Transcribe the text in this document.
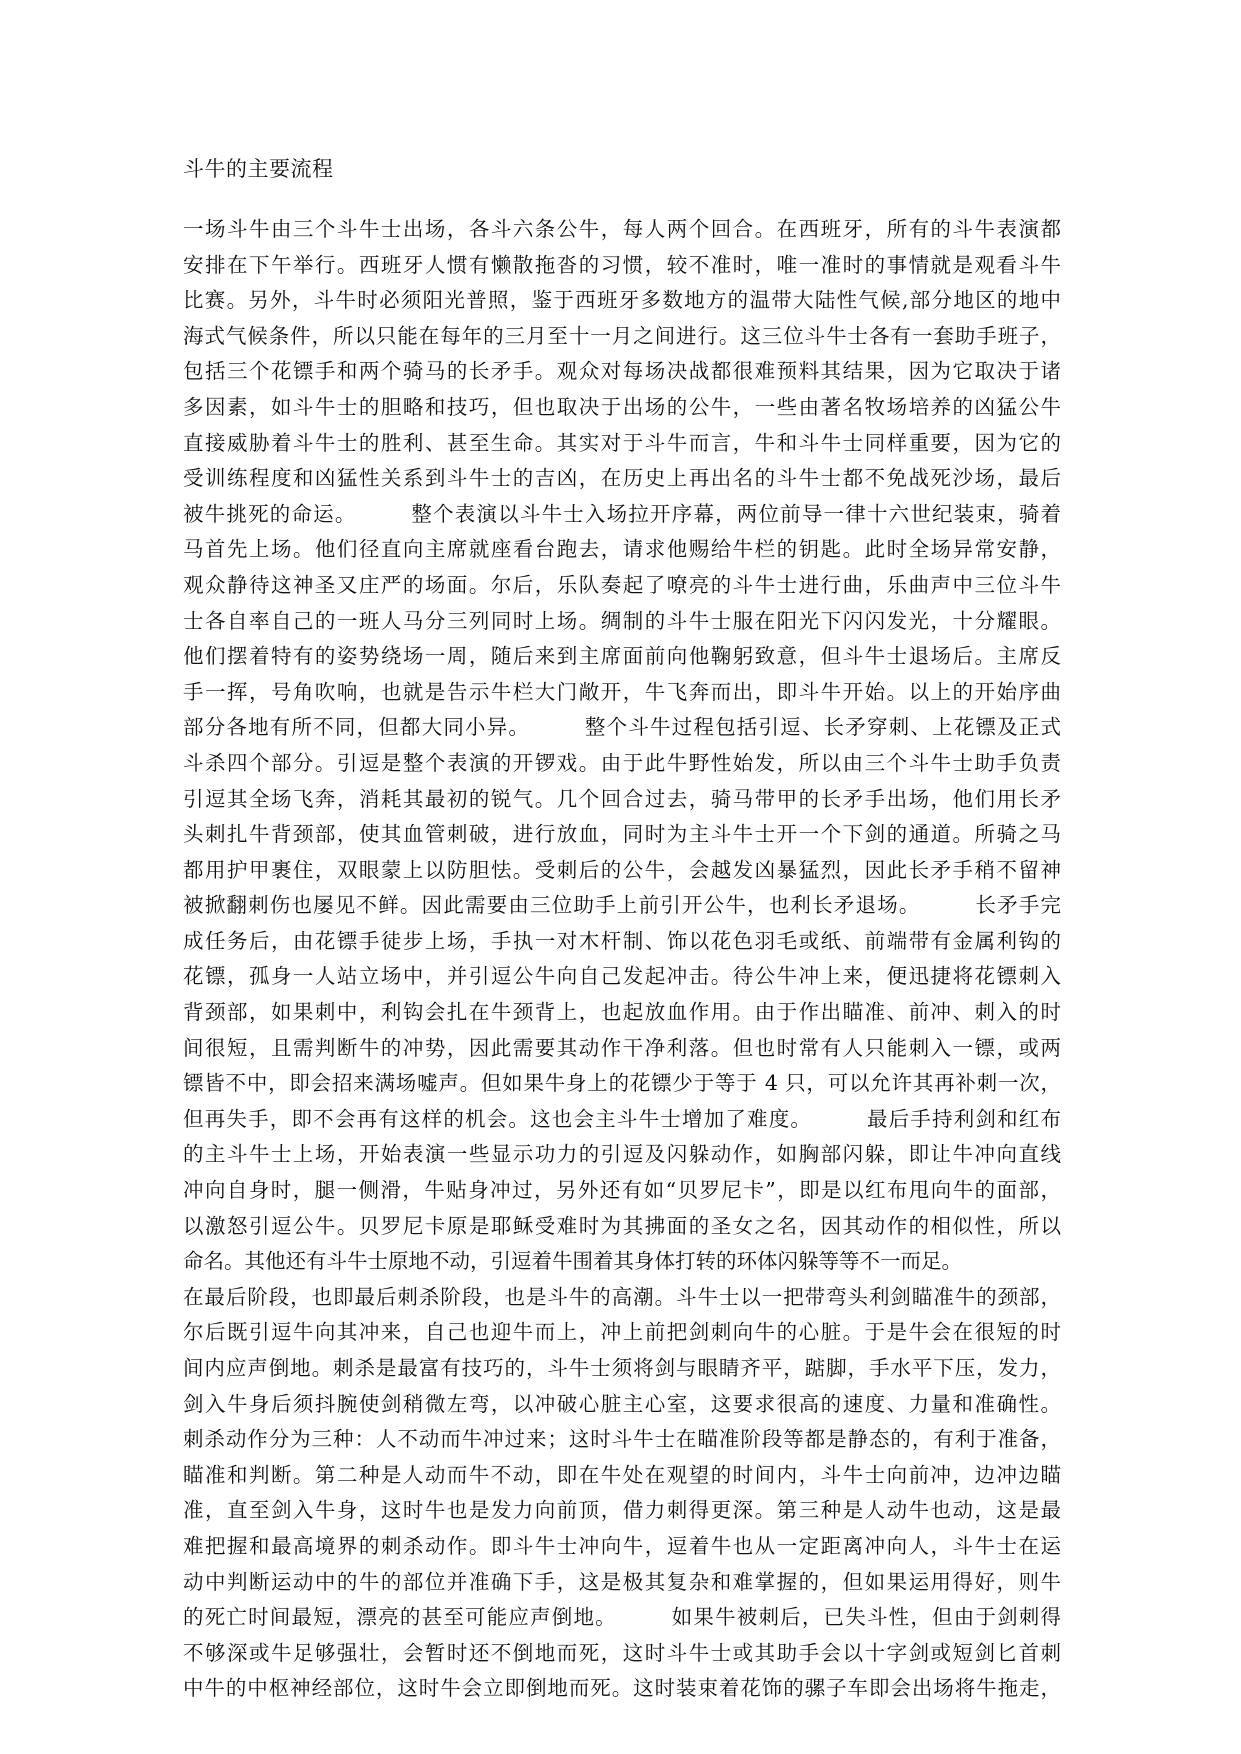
斗牛的主要流程
一场斗牛由三个斗牛士出场，各斗六条公牛，每人两个回合。在西班牙，所有的斗牛表演都
安排在下午举行。西班牙人惯有懒散拖沓的习惯，较不准时，唯一准时的事情就是观看斗牛
比赛。另外，斗牛时必须阳光普照，鉴于西班牙多数地方的温带大陆性气候,部分地区的地中
海式气候条件，所以只能在每年的三月至十一月之间进行。这三位斗牛士各有一套助手班子，
包括三个花镖手和两个骑马的长矛手。观众对每场决战都很难预料其结果，因为它取决于诸
多因素，如斗牛士的胆略和技巧，但也取决于出场的公牛，一些由著名牧场培养的凶猛公牛
直接威胁着斗牛士的胜利、甚至生命。其实对于斗牛而言，牛和斗牛士同样重要，因为它的
受训练程度和凶猛性关系到斗牛士的吉凶，在历史上再出名的斗牛士都不免战死沙场，最后
被牛挑死的命运。　　　整个表演以斗牛士入场拉开序幕，两位前导一律十六世纪装束，骑着
马首先上场。他们径直向主席就座看台跑去，请求他赐给牛栏的钥匙。此时全场异常安静，
观众静待这神圣又庄严的场面。尔后，乐队奏起了嘹亮的斗牛士进行曲，乐曲声中三位斗牛
士各自率自己的一班人马分三列同时上场。绸制的斗牛士服在阳光下闪闪发光，十分耀眼。
他们摆着特有的姿势绕场一周，随后来到主席面前向他鞠躬致意，但斗牛士退场后。主席反
手一挥，号角吹响，也就是告示牛栏大门敞开，牛飞奔而出，即斗牛开始。以上的开始序曲
部分各地有所不同，但都大同小异。　　　整个斗牛过程包括引逗、长矛穿刺、上花镖及正式
斗杀四个部分。引逗是整个表演的开锣戏。由于此牛野性始发，所以由三个斗牛士助手负责
引逗其全场飞奔，消耗其最初的锐气。几个回合过去，骑马带甲的长矛手出场，他们用长矛
头刺扎牛背颈部，使其血管刺破，进行放血，同时为主斗牛士开一个下剑的通道。所骑之马
都用护甲裹住，双眼蒙上以防胆怯。受刺后的公牛，会越发凶暴猛烈，因此长矛手稍不留神
被掀翻刺伤也屡见不鲜。因此需要由三位助手上前引开公牛，也利长矛退场。　　　长矛手完
成任务后，由花镖手徒步上场，手执一对木杆制、饰以花色羽毛或纸、前端带有金属利钩的
花镖，孤身一人站立场中，并引逗公牛向自己发起冲击。待公牛冲上来，便迅捷将花镖刺入
背颈部，如果刺中，利钩会扎在牛颈背上，也起放血作用。由于作出瞄准、前冲、刺入的时
间很短，且需判断牛的冲势，因此需要其动作干净利落。但也时常有人只能刺入一镖，或两
镖皆不中，即会招来满场嘘声。但如果牛身上的花镖少于等于 4 只，可以允许其再补刺一次，
但再失手，即不会再有这样的机会。这也会主斗牛士增加了难度。　　　最后手持利剑和红布
的主斗牛士上场，开始表演一些显示功力的引逗及闪躲动作，如胸部闪躲，即让牛冲向直线
冲向自身时，腿一侧滑，牛贴身冲过，另外还有如“贝罗尼卡”，即是以红布甩向牛的面部，
以激怒引逗公牛。贝罗尼卡原是耶稣受难时为其拂面的圣女之名，因其动作的相似性，所以
命名。其他还有斗牛士原地不动，引逗着牛围着其身体打转的环体闪躲等等不一而足。
在最后阶段，也即最后刺杀阶段，也是斗牛的高潮。斗牛士以一把带弯头利剑瞄准牛的颈部，
尔后既引逗牛向其冲来，自己也迎牛而上，冲上前把剑刺向牛的心脏。于是牛会在很短的时
间内应声倒地。刺杀是最富有技巧的，斗牛士须将剑与眼睛齐平，踮脚，手水平下压，发力，
剑入牛身后须抖腕使剑稍微左弯，以冲破心脏主心室，这要求很高的速度、力量和准确性。
刺杀动作分为三种：人不动而牛冲过来；这时斗牛士在瞄准阶段等都是静态的，有利于准备，
瞄准和判断。第二种是人动而牛不动，即在牛处在观望的时间内，斗牛士向前冲，边冲边瞄
准，直至剑入牛身，这时牛也是发力向前顶，借力刺得更深。第三种是人动牛也动，这是最
难把握和最高境界的刺杀动作。即斗牛士冲向牛，逗着牛也从一定距离冲向人，斗牛士在运
动中判断运动中的牛的部位并准确下手，这是极其复杂和难掌握的，但如果运用得好，则牛
的死亡时间最短，漂亮的甚至可能应声倒地。　　　如果牛被刺后，已失斗性，但由于剑刺得
不够深或牛足够强壮，会暂时还不倒地而死，这时斗牛士或其助手会以十字剑或短剑匕首刺
中牛的中枢神经部位，这时牛会立即倒地而死。这时装束着花饰的骡子车即会出场将牛拖走，
